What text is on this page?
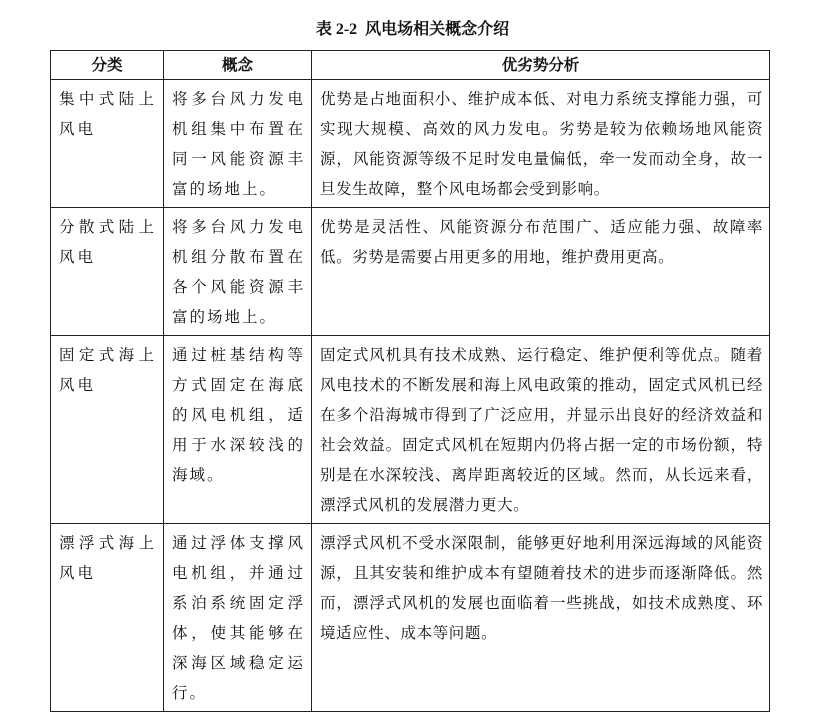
表 2-2 风电场相关概念介绍
分类	概念	优劣势分析
集中式陆上风电	将多台风力发电机组集中布置在同一风能资源丰富的场地上。	优势是占地面积小、维护成本低、对电力系统支撑能力强，可实现大规模、高效的风力发电。劣势是较为依赖场地风能资源，风能资源等级不足时发电量偏低，牵一发而动全身，故一旦发生故障，整个风电场都会受到影响。
分散式陆上风电	将多台风力发电机组分散布置在各个风能资源丰富的场地上。	优势是灵活性、风能资源分布范围广、适应能力强、故障率低。劣势是需要占用更多的用地，维护费用更高。
固定式海上风电	通过桩基结构等方式固定在海底的风电机组，适用于水深较浅的海域。	固定式风机具有技术成熟、运行稳定、维护便利等优点。随着风电技术的不断发展和海上风电政策的推动，固定式风机已经在多个沿海城市得到了广泛应用，并显示出良好的经济效益和社会效益。固定式风机在短期内仍将占据一定的市场份额，特别是在水深较浅、离岸距离较近的区域。然而，从长远来看，漂浮式风机的发展潜力更大。
漂浮式海上风电	通过浮体支撑风电机组，并通过系泊系统固定浮体，使其能够在深海区域稳定运行。	漂浮式风机不受水深限制，能够更好地利用深远海域的风能资源，且其安装和维护成本有望随着技术的进步而逐渐降低。然而，漂浮式风机的发展也面临着一些挑战，如技术成熟度、环境适应性、成本等问题。
